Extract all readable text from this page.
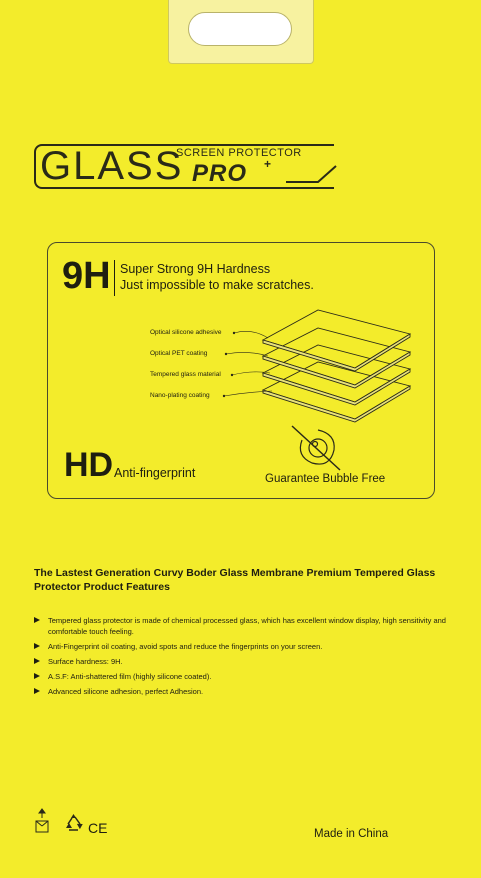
GLASS
SCREEN PROTECTOR
PRO +
9H Super Strong 9H Hardness
Just impossible to make scratches.
Optical silicone adhesive
Optical PET coating
Tempered glass material
Nano-plating coating
HD Anti-fingerprint	Guarantee Bubble Free
The Lastest Generation Curvy Boder Glass Membrane Premium Tempered Glass Protector Product Features
Tempered glass protector is made of chemical processed glass, which has excellent window display, high sensitivity and comfortable touch feeling.
Anti-Fingerprint oil coating, avoid spots and reduce the fingerprints on your screen.
Surface hardness: 9H.
A.S.F: Anti-shattered film (highly silicone coated).
Advanced silicone adhesion, perfect Adhesion.
CE	Made in China
